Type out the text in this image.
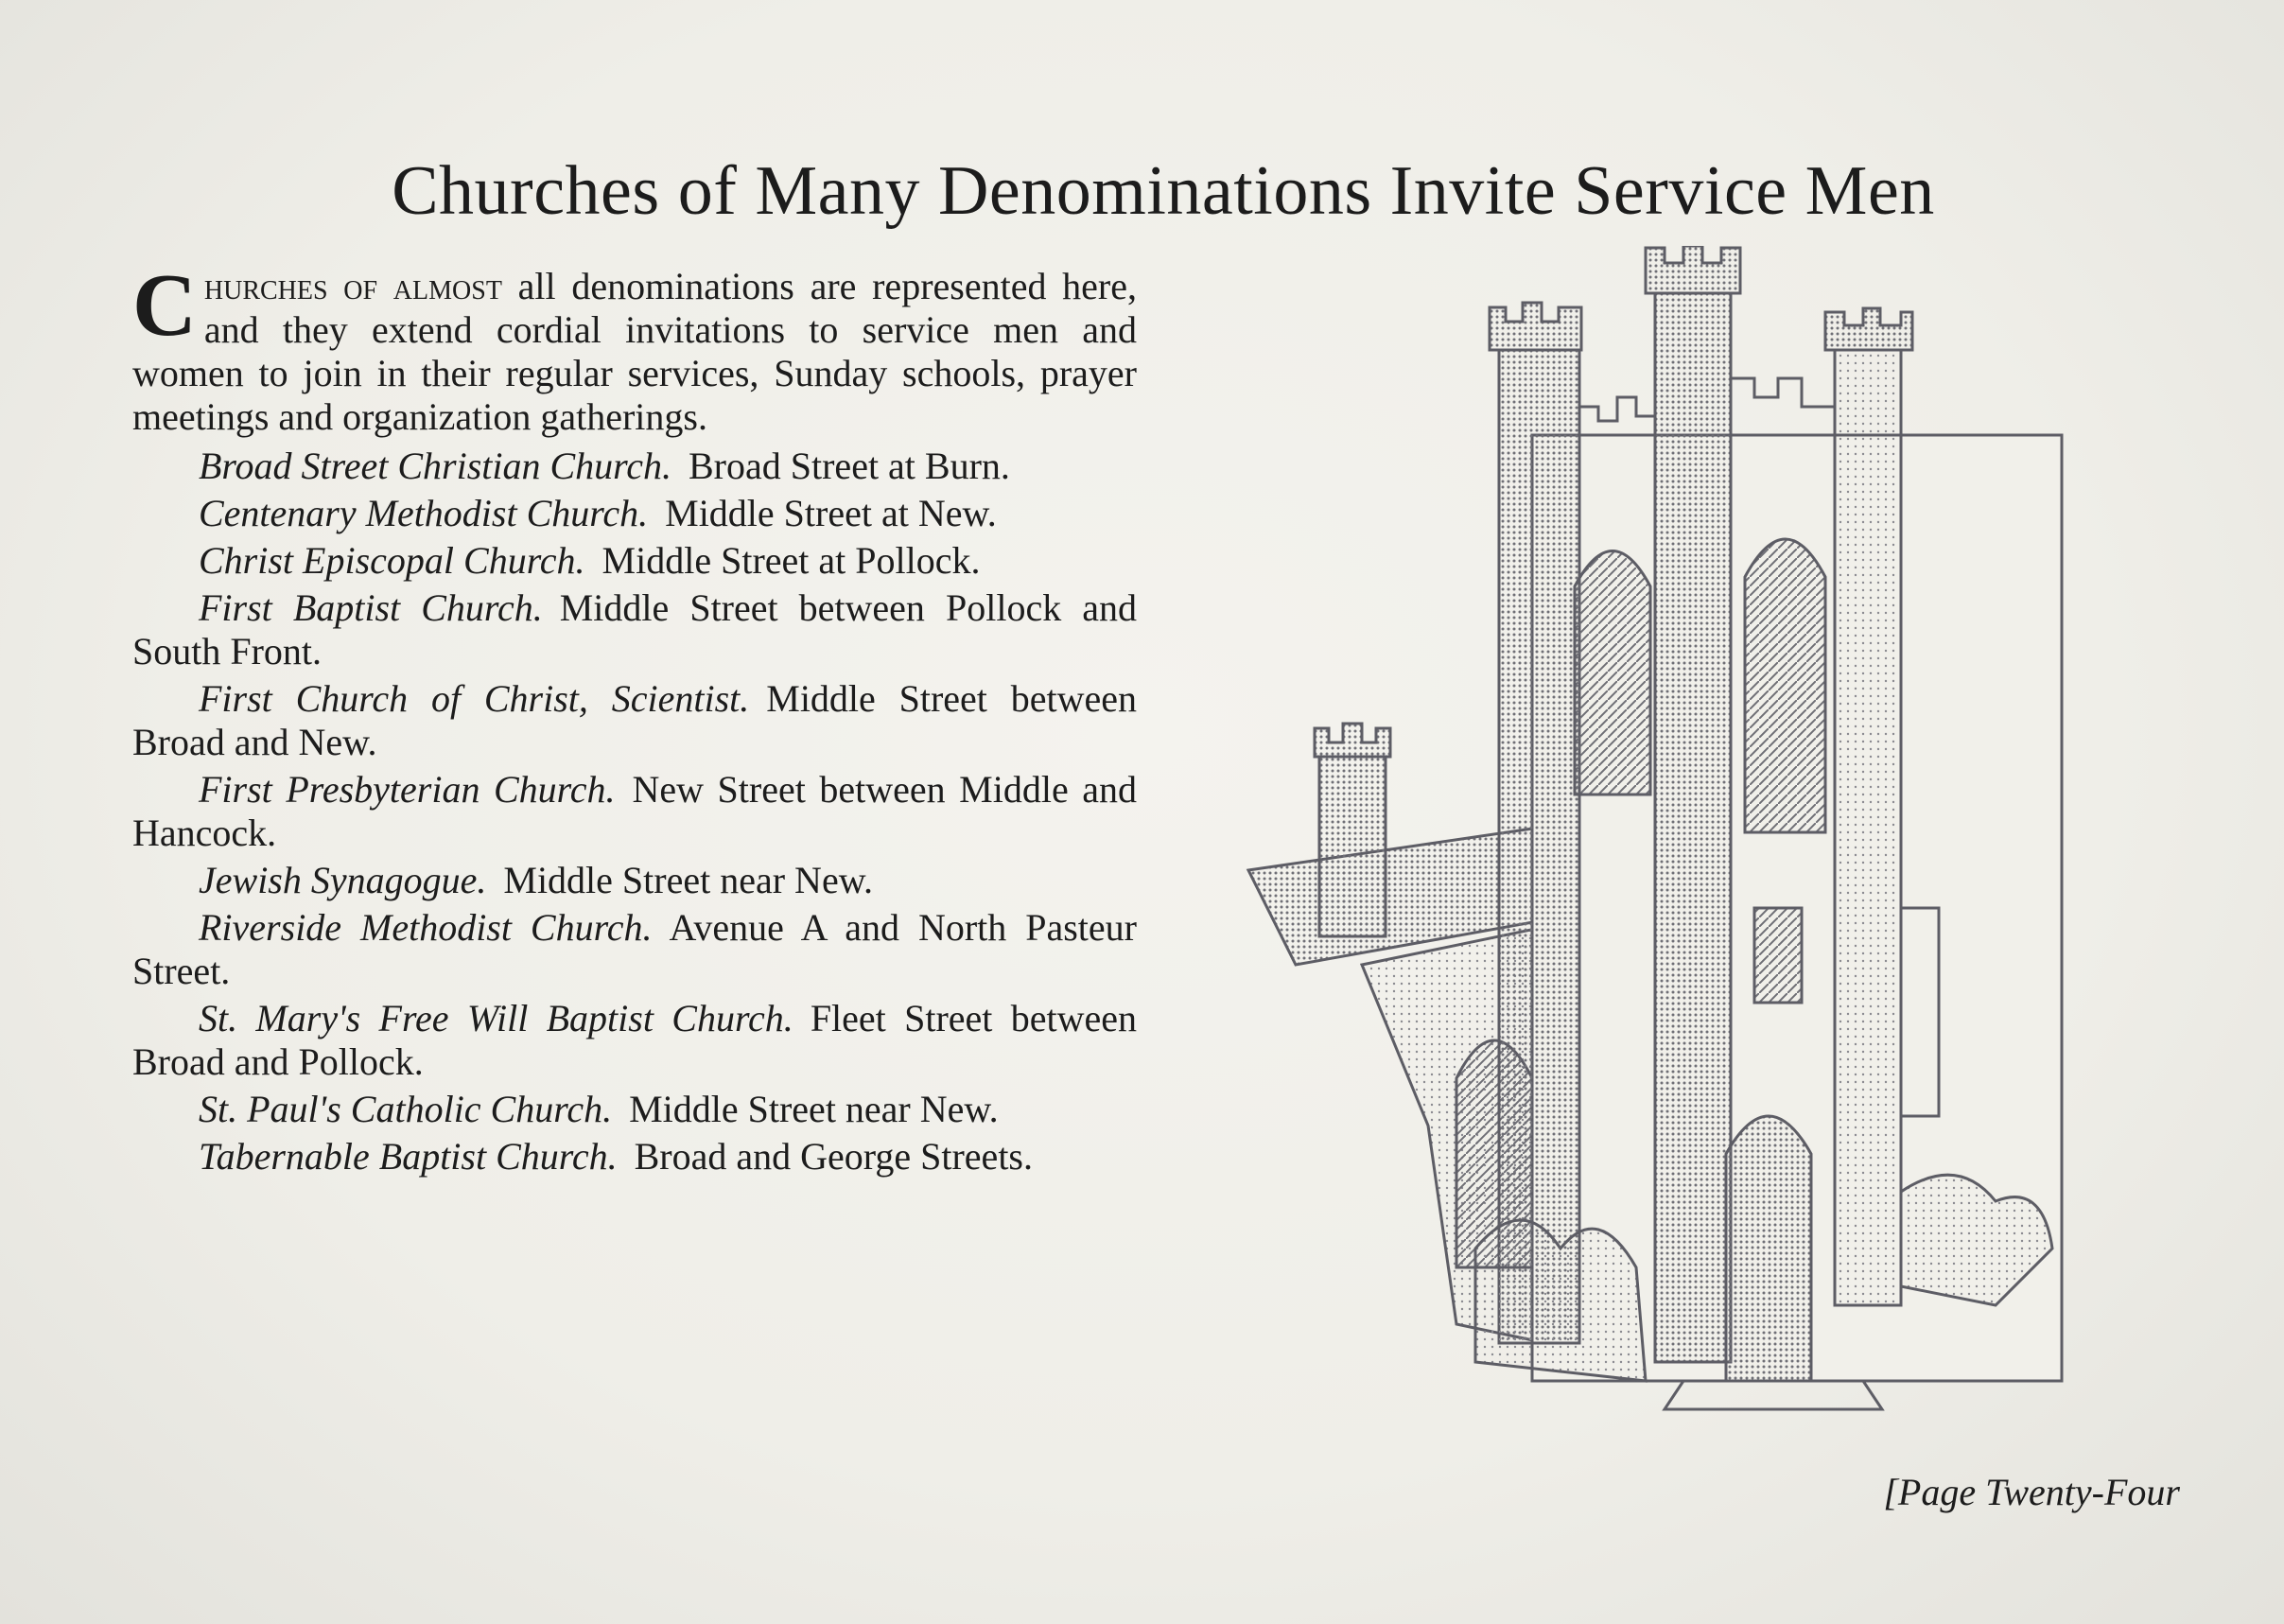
Churches of Many Denominations Invite Service Men

Churches of almost all denominations are represented here, and they extend cordial invitations to service men and women to join in their regular services, Sunday schools, prayer meetings and organization gatherings.

Broad Street Christian Church. Broad Street at Burn.

Centenary Methodist Church. Middle Street at New.

Christ Episcopal Church. Middle Street at Pollock.

First Baptist Church. Middle Street between Pollock and South Front.

First Church of Christ, Scientist. Middle Street between Broad and New.

First Presbyterian Church. New Street between Middle and Hancock.

Jewish Synagogue. Middle Street near New.

Riverside Methodist Church. Avenue A and North Pasteur Street.

St. Mary's Free Will Baptist Church. Fleet Street between Broad and Pollock.

St. Paul's Catholic Church. Middle Street near New.

Tabernable Baptist Church. Broad and George Streets.

[Page Twenty-Four
